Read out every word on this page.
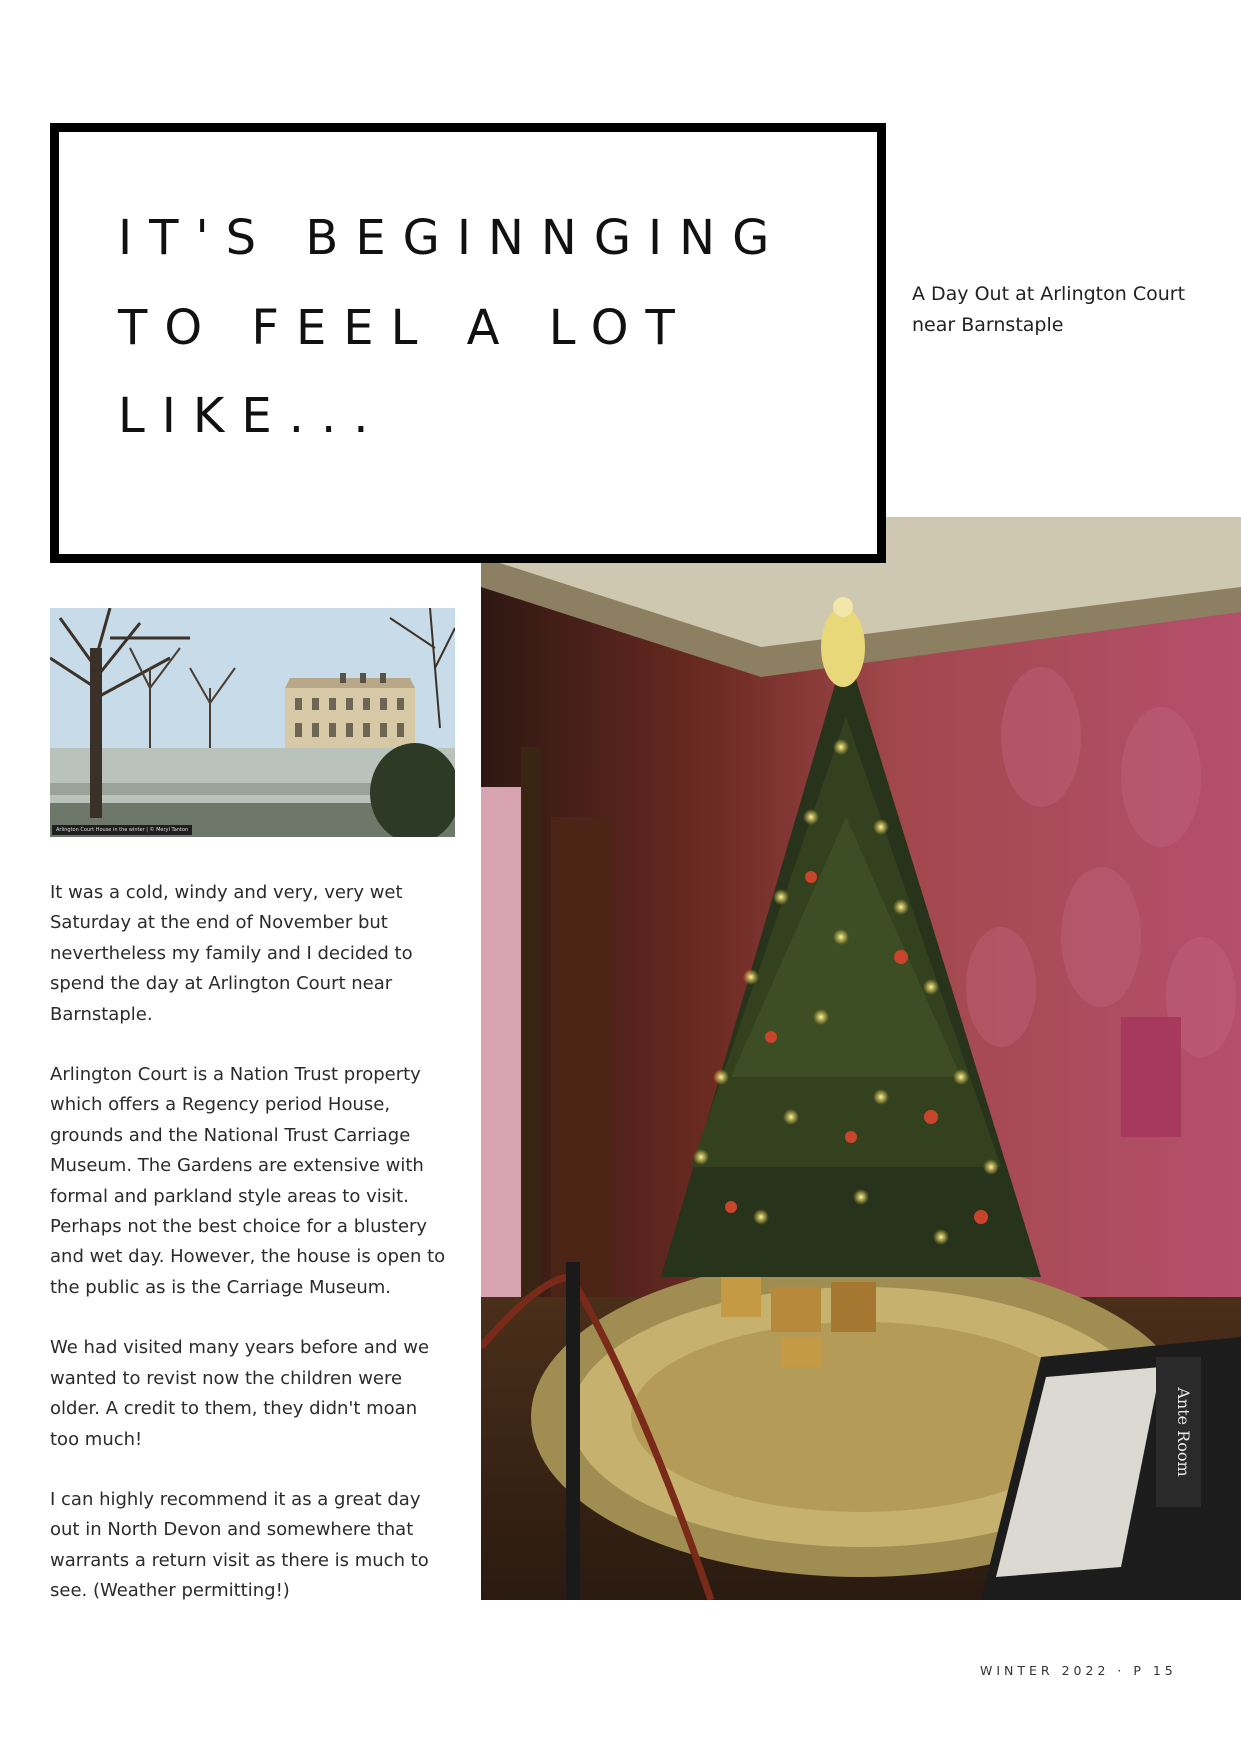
Ante Room
IT'S BEGINNGING
TO FEEL A LOT
LIKE...
A Day Out at Arlington Court
near Barnstaple
Arlington Court House in the winter | © Meryl Tanton

It was a cold, windy and very, very wet Saturday at the end of November but nevertheless my family and I decided to spend the day at Arlington Court near Barnstaple.

Arlington Court is a Nation Trust property which offers a Regency period House, grounds and the National Trust Carriage Museum. The Gardens are extensive with formal and parkland style areas to visit. Perhaps not the best choice for a blustery and wet day. However, the house is open to the public as is the Carriage Museum.

We had visited many years before and we wanted to revist now the children were older. A credit to them, they didn't moan too much!

I can highly recommend it as a great day out in North Devon and somewhere that warrants a return visit as there is much to see. (Weather permitting!)

WINTER 2022 · P 15
